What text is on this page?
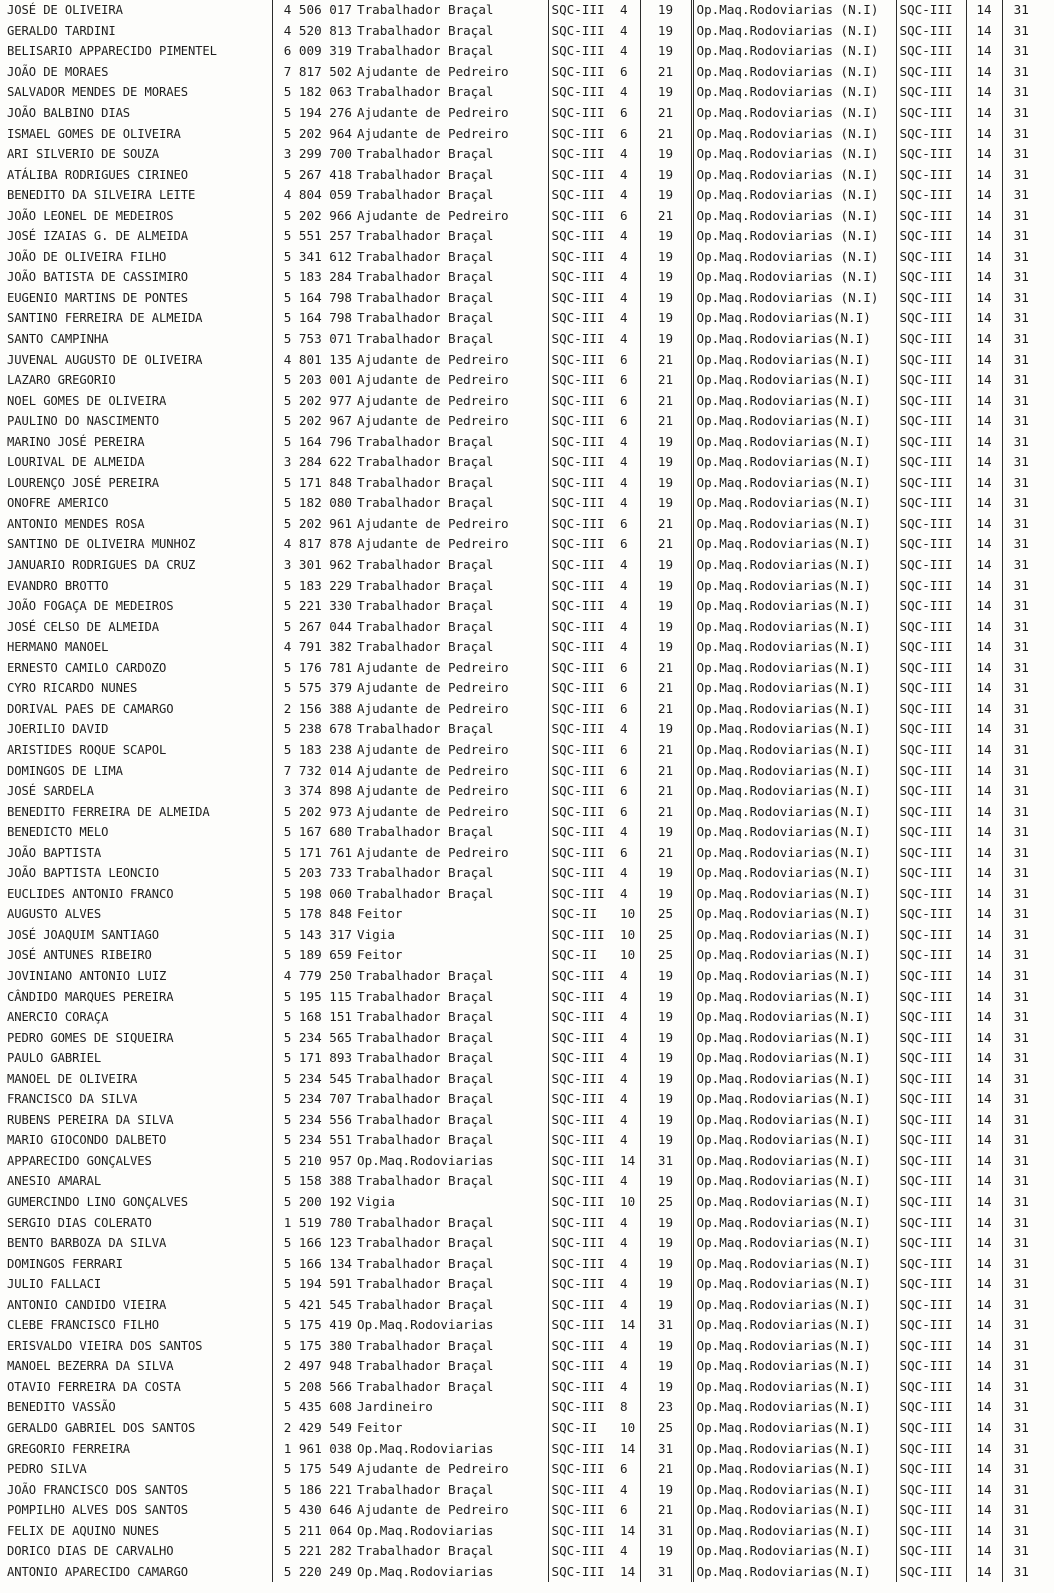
JOSÉ DE OLIVEIRA	4 506 017	Trabalhador Braçal	SQC-III	4	19	Op.Maq.Rodoviarias (N.I)	SQC-III	14	31
GERALDO TARDINI	4 520 813	Trabalhador Braçal	SQC-III	4	19	Op.Maq.Rodoviarias (N.I)	SQC-III	14	31
BELISARIO APPARECIDO PIMENTEL	6 009 319	Trabalhador Braçal	SQC-III	4	19	Op.Maq.Rodoviarias (N.I)	SQC-III	14	31
JOÃO DE MORAES	7 817 502	Ajudante de Pedreiro	SQC-III	6	21	Op.Maq.Rodoviarias (N.I)	SQC-III	14	31
SALVADOR MENDES DE MORAES	5 182 063	Trabalhador Braçal	SQC-III	4	19	Op.Maq.Rodoviarias (N.I)	SQC-III	14	31
JOÃO BALBINO DIAS	5 194 276	Ajudante de Pedreiro	SQC-III	6	21	Op.Maq.Rodoviarias (N.I)	SQC-III	14	31
ISMAEL GOMES DE OLIVEIRA	5 202 964	Ajudante de Pedreiro	SQC-III	6	21	Op.Maq.Rodoviarias (N.I)	SQC-III	14	31
ARI SILVERIO DE SOUZA	3 299 700	Trabalhador Braçal	SQC-III	4	19	Op.Maq.Rodoviarias (N.I)	SQC-III	14	31
ATÁLIBA RODRIGUES CIRINEO	5 267 418	Trabalhador Braçal	SQC-III	4	19	Op.Maq.Rodoviarias (N.I)	SQC-III	14	31
BENEDITO DA SILVEIRA LEITE	4 804 059	Trabalhador Braçal	SQC-III	4	19	Op.Maq.Rodoviarias (N.I)	SQC-III	14	31
JOÃO LEONEL DE MEDEIROS	5 202 966	Ajudante de Pedreiro	SQC-III	6	21	Op.Maq.Rodoviarias (N.I)	SQC-III	14	31
JOSÉ IZAIAS G. DE ALMEIDA	5 551 257	Trabalhador Braçal	SQC-III	4	19	Op.Maq.Rodoviarias (N.I)	SQC-III	14	31
JOÃO DE OLIVEIRA FILHO	5 341 612	Trabalhador Braçal	SQC-III	4	19	Op.Maq.Rodoviarias (N.I)	SQC-III	14	31
JOÃO BATISTA DE CASSIMIRO	5 183 284	Trabalhador Braçal	SQC-III	4	19	Op.Maq.Rodoviarias (N.I)	SQC-III	14	31
EUGENIO MARTINS DE PONTES	5 164 798	Trabalhador Braçal	SQC-III	4	19	Op.Maq.Rodoviarias (N.I)	SQC-III	14	31
SANTINO FERREIRA DE ALMEIDA	5 164 798	Trabalhador Braçal	SQC-III	4	19	Op.Maq.Rodoviarias(N.I)	SQC-III	14	31
SANTO CAMPINHA	5 753 071	Trabalhador Braçal	SQC-III	4	19	Op.Maq.Rodoviarias(N.I)	SQC-III	14	31
JUVENAL AUGUSTO DE OLIVEIRA	4 801 135	Ajudante de Pedreiro	SQC-III	6	21	Op.Maq.Rodoviarias(N.I)	SQC-III	14	31
LAZARO GREGORIO	5 203 001	Ajudante de Pedreiro	SQC-III	6	21	Op.Maq.Rodoviarias(N.I)	SQC-III	14	31
NOEL GOMES DE OLIVEIRA	5 202 977	Ajudante de Pedreiro	SQC-III	6	21	Op.Maq.Rodoviarias(N.I)	SQC-III	14	31
PAULINO DO NASCIMENTO	5 202 967	Ajudante de Pedreiro	SQC-III	6	21	Op.Maq.Rodoviarias(N.I)	SQC-III	14	31
MARINO JOSÉ PEREIRA	5 164 796	Trabalhador Braçal	SQC-III	4	19	Op.Maq.Rodoviarias(N.I)	SQC-III	14	31
LOURIVAL DE ALMEIDA	3 284 622	Trabalhador Braçal	SQC-III	4	19	Op.Maq.Rodoviarias(N.I)	SQC-III	14	31
LOURENÇO JOSÉ PEREIRA	5 171 848	Trabalhador Braçal	SQC-III	4	19	Op.Maq.Rodoviarias(N.I)	SQC-III	14	31
ONOFRE AMERICO	5 182 080	Trabalhador Braçal	SQC-III	4	19	Op.Maq.Rodoviarias(N.I)	SQC-III	14	31
ANTONIO MENDES ROSA	5 202 961	Ajudante de Pedreiro	SQC-III	6	21	Op.Maq.Rodoviarias(N.I)	SQC-III	14	31
SANTINO DE OLIVEIRA MUNHOZ	4 817 878	Ajudante de Pedreiro	SQC-III	6	21	Op.Maq.Rodoviarias(N.I)	SQC-III	14	31
JANUARIO RODRIGUES DA CRUZ	3 301 962	Trabalhador Braçal	SQC-III	4	19	Op.Maq.Rodoviarias(N.I)	SQC-III	14	31
EVANDRO BROTTO	5 183 229	Trabalhador Braçal	SQC-III	4	19	Op.Maq.Rodoviarias(N.I)	SQC-III	14	31
JOÃO FOGAÇA DE MEDEIROS	5 221 330	Trabalhador Braçal	SQC-III	4	19	Op.Maq.Rodoviarias(N.I)	SQC-III	14	31
JOSÉ CELSO DE ALMEIDA	5 267 044	Trabalhador Braçal	SQC-III	4	19	Op.Maq.Rodoviarias(N.I)	SQC-III	14	31
HERMANO MANOEL	4 791 382	Trabalhador Braçal	SQC-III	4	19	Op.Maq.Rodoviarias(N.I)	SQC-III	14	31
ERNESTO CAMILO CARDOZO	5 176 781	Ajudante de Pedreiro	SQC-III	6	21	Op.Maq.Rodoviarias(N.I)	SQC-III	14	31
CYRO RICARDO NUNES	5 575 379	Ajudante de Pedreiro	SQC-III	6	21	Op.Maq.Rodoviarias(N.I)	SQC-III	14	31
DORIVAL PAES DE CAMARGO	2 156 388	Ajudante de Pedreiro	SQC-III	6	21	Op.Maq.Rodoviarias(N.I)	SQC-III	14	31
JOERILIO DAVID	5 238 678	Trabalhador Braçal	SQC-III	4	19	Op.Maq.Rodoviarias(N.I)	SQC-III	14	31
ARISTIDES ROQUE SCAPOL	5 183 238	Ajudante de Pedreiro	SQC-III	6	21	Op.Maq.Rodoviarias(N.I)	SQC-III	14	31
DOMINGOS DE LIMA	7 732 014	Ajudante de Pedreiro	SQC-III	6	21	Op.Maq.Rodoviarias(N.I)	SQC-III	14	31
JOSÉ SARDELA	3 374 898	Ajudante de Pedreiro	SQC-III	6	21	Op.Maq.Rodoviarias(N.I)	SQC-III	14	31
BENEDITO FERREIRA DE ALMEIDA	5 202 973	Ajudante de Pedreiro	SQC-III	6	21	Op.Maq.Rodoviarias(N.I)	SQC-III	14	31
BENEDICTO MELO	5 167 680	Trabalhador Braçal	SQC-III	4	19	Op.Maq.Rodoviarias(N.I)	SQC-III	14	31
JOÃO BAPTISTA	5 171 761	Ajudante de Pedreiro	SQC-III	6	21	Op.Maq.Rodoviarias(N.I)	SQC-III	14	31
JOÃO BAPTISTA LEONCIO	5 203 733	Trabalhador Braçal	SQC-III	4	19	Op.Maq.Rodoviarias(N.I)	SQC-III	14	31
EUCLIDES ANTONIO FRANCO	5 198 060	Trabalhador Braçal	SQC-III	4	19	Op.Maq.Rodoviarias(N.I)	SQC-III	14	31
AUGUSTO ALVES	5 178 848	Feitor	SQC-II	10	25	Op.Maq.Rodoviarias(N.I)	SQC-III	14	31
JOSÉ JOAQUIM SANTIAGO	5 143 317	Vigia	SQC-III	10	25	Op.Maq.Rodoviarias(N.I)	SQC-III	14	31
JOSÉ ANTUNES RIBEIRO	5 189 659	Feitor	SQC-II	10	25	Op.Maq.Rodoviarias(N.I)	SQC-III	14	31
JOVINIANO ANTONIO LUIZ	4 779 250	Trabalhador Braçal	SQC-III	4	19	Op.Maq.Rodoviarias(N.I)	SQC-III	14	31
CÂNDIDO MARQUES PEREIRA	5 195 115	Trabalhador Braçal	SQC-III	4	19	Op.Maq.Rodoviarias(N.I)	SQC-III	14	31
ANERCIO CORAÇA	5 168 151	Trabalhador Braçal	SQC-III	4	19	Op.Maq.Rodoviarias(N.I)	SQC-III	14	31
PEDRO GOMES DE SIQUEIRA	5 234 565	Trabalhador Braçal	SQC-III	4	19	Op.Maq.Rodoviarias(N.I)	SQC-III	14	31
PAULO GABRIEL	5 171 893	Trabalhador Braçal	SQC-III	4	19	Op.Maq.Rodoviarias(N.I)	SQC-III	14	31
MANOEL DE OLIVEIRA	5 234 545	Trabalhador Braçal	SQC-III	4	19	Op.Maq.Rodoviarias(N.I)	SQC-III	14	31
FRANCISCO DA SILVA	5 234 707	Trabalhador Braçal	SQC-III	4	19	Op.Maq.Rodoviarias(N.I)	SQC-III	14	31
RUBENS PEREIRA DA SILVA	5 234 556	Trabalhador Braçal	SQC-III	4	19	Op.Maq.Rodoviarias(N.I)	SQC-III	14	31
MARIO GIOCONDO DALBETO	5 234 551	Trabalhador Braçal	SQC-III	4	19	Op.Maq.Rodoviarias(N.I)	SQC-III	14	31
APPARECIDO GONÇALVES	5 210 957	Op.Maq.Rodoviarias	SQC-III	14	31	Op.Maq.Rodoviarias(N.I)	SQC-III	14	31
ANESIO AMARAL	5 158 388	Trabalhador Braçal	SQC-III	4	19	Op.Maq.Rodoviarias(N.I)	SQC-III	14	31
GUMERCINDO LINO GONÇALVES	5 200 192	Vigia	SQC-III	10	25	Op.Maq.Rodoviarias(N.I)	SQC-III	14	31
SERGIO DIAS COLERATO	1 519 780	Trabalhador Braçal	SQC-III	4	19	Op.Maq.Rodoviarias(N.I)	SQC-III	14	31
BENTO BARBOZA DA SILVA	5 166 123	Trabalhador Braçal	SQC-III	4	19	Op.Maq.Rodoviarias(N.I)	SQC-III	14	31
DOMINGOS FERRARI	5 166 134	Trabalhador Braçal	SQC-III	4	19	Op.Maq.Rodoviarias(N.I)	SQC-III	14	31
JULIO FALLACI	5 194 591	Trabalhador Braçal	SQC-III	4	19	Op.Maq.Rodoviarias(N.I)	SQC-III	14	31
ANTONIO CANDIDO VIEIRA	5 421 545	Trabalhador Braçal	SQC-III	4	19	Op.Maq.Rodoviarias(N.I)	SQC-III	14	31
CLEBE FRANCISCO FILHO	5 175 419	Op.Maq.Rodoviarias	SQC-III	14	31	Op.Maq.Rodoviarias(N.I)	SQC-III	14	31
ERISVALDO VIEIRA DOS SANTOS	5 175 380	Trabalhador Braçal	SQC-III	4	19	Op.Maq.Rodoviarias(N.I)	SQC-III	14	31
MANOEL BEZERRA DA SILVA	2 497 948	Trabalhador Braçal	SQC-III	4	19	Op.Maq.Rodoviarias(N.I)	SQC-III	14	31
OTAVIO FERREIRA DA COSTA	5 208 566	Trabalhador Braçal	SQC-III	4	19	Op.Maq.Rodoviarias(N.I)	SQC-III	14	31
BENEDITO VASSÃO	5 435 608	Jardineiro	SQC-III	8	23	Op.Maq.Rodoviarias(N.I)	SQC-III	14	31
GERALDO GABRIEL DOS SANTOS	2 429 549	Feitor	SQC-II	10	25	Op.Maq.Rodoviarias(N.I)	SQC-III	14	31
GREGORIO FERREIRA	1 961 038	Op.Maq.Rodoviarias	SQC-III	14	31	Op.Maq.Rodoviarias(N.I)	SQC-III	14	31
PEDRO SILVA	5 175 549	Ajudante de Pedreiro	SQC-III	6	21	Op.Maq.Rodoviarias(N.I)	SQC-III	14	31
JOÃO FRANCISCO DOS SANTOS	5 186 221	Trabalhador Braçal	SQC-III	4	19	Op.Maq.Rodoviarias(N.I)	SQC-III	14	31
POMPILHO ALVES DOS SANTOS	5 430 646	Ajudante de Pedreiro	SQC-III	6	21	Op.Maq.Rodoviarias(N.I)	SQC-III	14	31
FELIX DE AQUINO NUNES	5 211 064	Op.Maq.Rodoviarias	SQC-III	14	31	Op.Maq.Rodoviarias(N.I)	SQC-III	14	31
DORICO DIAS DE CARVALHO	5 221 282	Trabalhador Braçal	SQC-III	4	19	Op.Maq.Rodoviarias(N.I)	SQC-III	14	31
ANTONIO APARECIDO CAMARGO	5 220 249	Op.Maq.Rodoviarias	SQC-III	14	31	Op.Maq.Rodoviarias(N.I)	SQC-III	14	31
